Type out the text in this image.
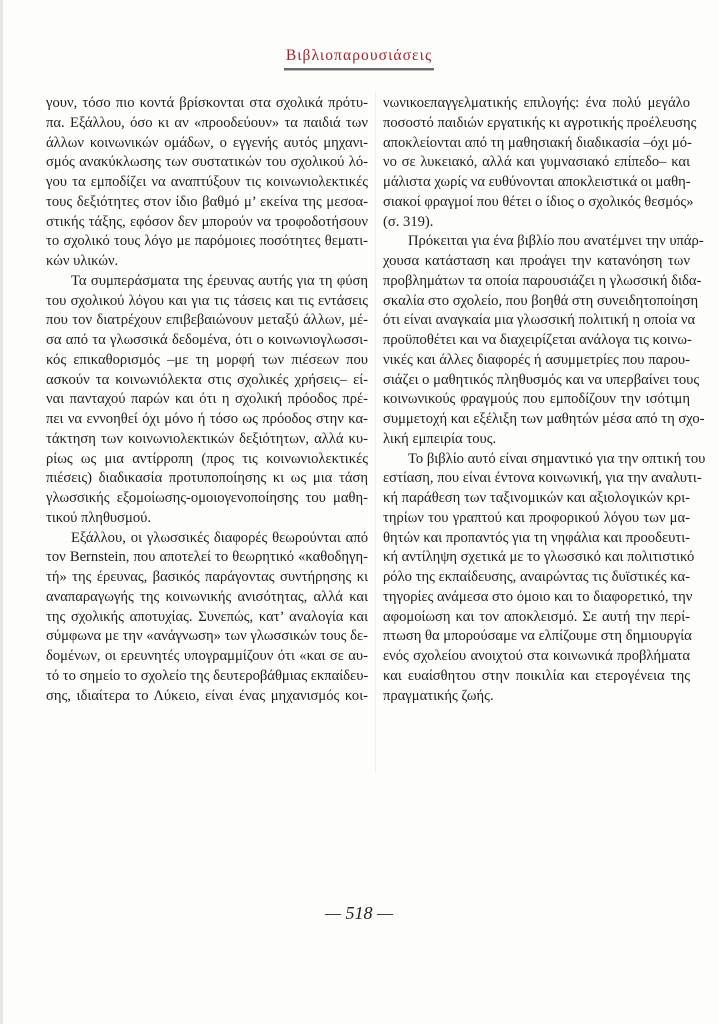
Βιβλιοπαρουσιάσεις
γουν, τόσο πιο κοντά βρίσκονται στα σχολικά πρότυ-
πα. Εξάλλου, όσο κι αν «προοδεύουν» τα παιδιά των
άλλων κοινωνικών ομάδων, ο εγγενής αυτός μηχανι-
σμός ανακύκλωσης των συστατικών του σχολικού λό-
γου τα εμποδίζει να αναπτύξουν τις κοινωνιολεκτικές
τους δεξιότητες στον ίδιο βαθμό μ’ εκείνα της μεσοα-
στικής τάξης, εφόσον δεν μπορούν να τροφοδοτήσουν
το σχολικό τους λόγο με παρόμοιες ποσότητες θεματι-
κών υλικών.
Τα συμπεράσματα της έρευνας αυτής για τη φύση
του σχολικού λόγου και για τις τάσεις και τις εντάσεις
που τον διατρέχουν επιβεβαιώνουν μεταξύ άλλων, μέ-
σα από τα γλωσσικά δεδομένα, ότι ο κοινωνιογλωσσι-
κός επικαθορισμός –με τη μορφή των πιέσεων που
ασκούν τα κοινωνιόλεκτα στις σχολικές χρήσεις– εί-
ναι πανταχού παρών και ότι η σχολική πρόοδος πρέ-
πει να εννοηθεί όχι μόνο ή τόσο ως πρόοδος στην κα-
τάκτηση των κοινωνιολεκτικών δεξιότητων, αλλά κυ-
ρίως ως μια αντίρροπη (προς τις κοινωνιολεκτικές
πιέσεις) διαδικασία προτυποποίησης κι ως μια τάση
γλωσσικής εξομοίωσης-ομοιογενοποίησης του μαθη-
τικού πληθυσμού.
Εξάλλου, οι γλωσσικές διαφορές θεωρούνται από
τον Bernstein, που αποτελεί το θεωρητικό «καθοδηγη-
τή» της έρευνας, βασικός παράγοντας συντήρησης κι
αναπαραγωγής της κοινωνικής ανισότητας, αλλά και
της σχολικής αποτυχίας. Συνεπώς, κατ’ αναλογία και
σύμφωνα με την «ανάγνωση» των γλωσσικών τους δε-
δομένων, οι ερευνητές υπογραμμίζουν ότι «και σε αυ-
τό το σημείο το σχολείο της δευτεροβάθμιας εκπαίδευ-
σης, ιδιαίτερα το Λύκειο, είναι ένας μηχανισμός κοι-
νωνικοεπαγγελματικής επιλογής: ένα πολύ μεγάλο
ποσοστό παιδιών εργατικής κι αγροτικής προέλευσης
αποκλείονται από τη μαθησιακή διαδικασία –όχι μό-
νο σε λυκειακό, αλλά και γυμνασιακό επίπεδο– και
μάλιστα χωρίς να ευθύνονται αποκλειστικά οι μαθη-
σιακοί φραγμοί που θέτει ο ίδιος ο σχολικός θεσμός»
(σ. 319).
Πρόκειται για ένα βιβλίο που ανατέμνει την υπάρ-
χουσα κατάσταση και προάγει την κατανόηση των
προβλημάτων τα οποία παρουσιάζει η γλωσσική διδα-
σκαλία στο σχολείο, που βοηθά στη συνειδητοποίηση
ότι είναι αναγκαία μια γλωσσική πολιτική η οποία να
προϋποθέτει και να διαχειρίζεται ανάλογα τις κοινω-
νικές και άλλες διαφορές ή ασυμμετρίες που παρου-
σιάζει ο μαθητικός πληθυσμός και να υπερβαίνει τους
κοινωνικούς φραγμούς που εμποδίζουν την ισότιμη
συμμετοχή και εξέλιξη των μαθητών μέσα από τη σχο-
λική εμπειρία τους.
Το βιβλίο αυτό είναι σημαντικό για την οπτική του
εστίαση, που είναι έντονα κοινωνική, για την αναλυτι-
κή παράθεση των ταξινομικών και αξιολογικών κρι-
τηρίων του γραπτού και προφορικού λόγου των μα-
θητών και προπαντός για τη νηφάλια και προοδευτι-
κή αντίληψη σχετικά με το γλωσσικό και πολιτιστικό
ρόλο της εκπαίδευσης, αναιρώντας τις δυϊστικές κα-
τηγορίες ανάμεσα στο όμοιο και το διαφορετικό, την
αφομοίωση και τον αποκλεισμό. Σε αυτή την περί-
πτωση θα μπορούσαμε να ελπίζουμε στη δημιουργία
ενός σχολείου ανοιχτού στα κοινωνικά προβλήματα
και ευαίσθητου στην ποικιλία και ετερογένεια της
πραγματικής ζωής.
— 518 —
